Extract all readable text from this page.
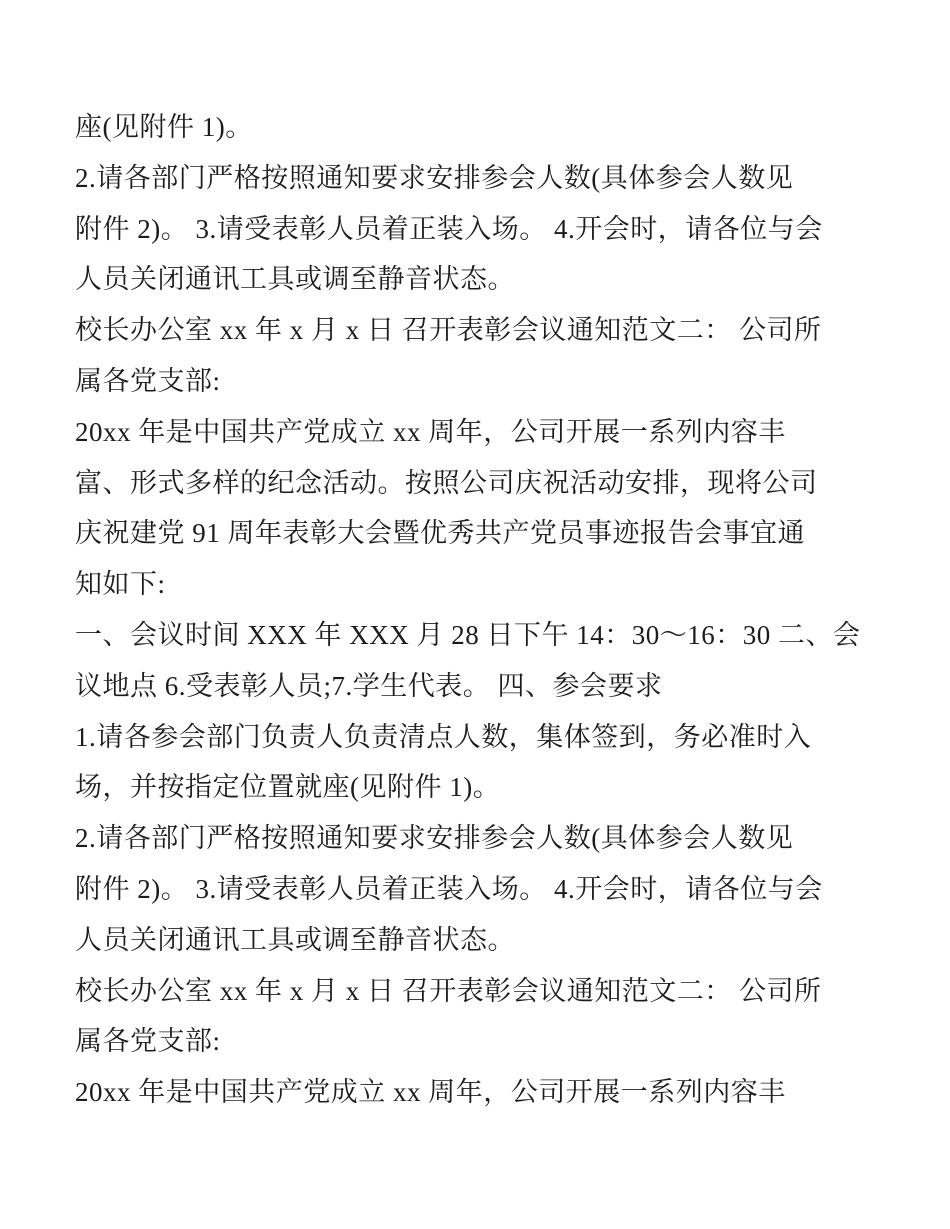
座(见附件 1)。
2.请各部门严格按照通知要求安排参会人数(具体参会人数见
附件 2)。 3.请受表彰人员着正装入场。 4.开会时，请各位与会
人员关闭通讯工具或调至静音状态。
校长办公室 xx 年 x 月 x 日 召开表彰会议通知范文二： 公司所
属各党支部:
20xx 年是中国共产党成立 xx 周年，公司开展一系列内容丰
富、形式多样的纪念活动。按照公司庆祝活动安排，现将公司
庆祝建党 91 周年表彰大会暨优秀共产党员事迹报告会事宜通
知如下:
一、会议时间 XXX 年 XXX 月 28 日下午 14：30～16：30 二、会
议地点 6.受表彰人员;7.学生代表。 四、参会要求
1.请各参会部门负责人负责清点人数，集体签到，务必准时入
场，并按指定位置就座(见附件 1)。
2.请各部门严格按照通知要求安排参会人数(具体参会人数见
附件 2)。 3.请受表彰人员着正装入场。 4.开会时，请各位与会
人员关闭通讯工具或调至静音状态。
校长办公室 xx 年 x 月 x 日 召开表彰会议通知范文二： 公司所
属各党支部:
20xx 年是中国共产党成立 xx 周年，公司开展一系列内容丰
